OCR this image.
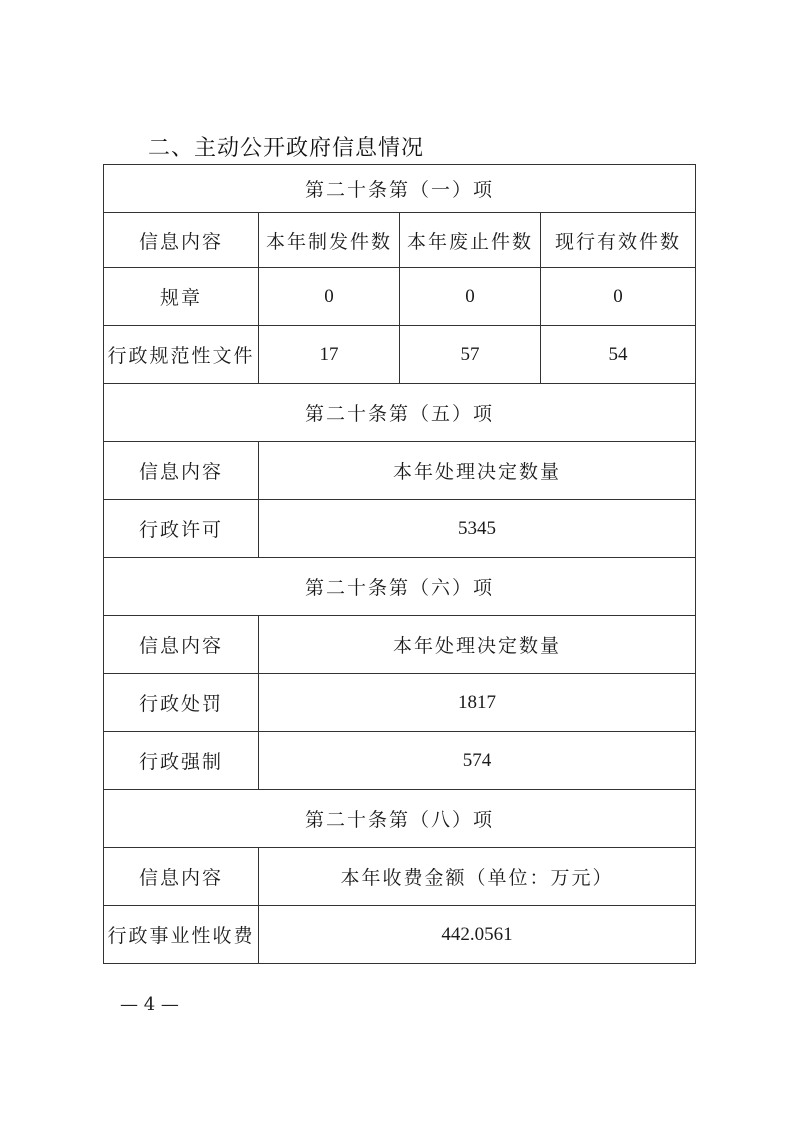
二、主动公开政府信息情况
第二十条第（一）项			
信息内容	本年制发件数	本年废止件数	现行有效件数
规章	0	0	0
行政规范性文件	17	57	54
第二十条第（五）项			
信息内容	本年处理决定数量		
行政许可	5345		
第二十条第（六）项			
信息内容	本年处理决定数量		
行政处罚	1817		
行政强制	574		
第二十条第（八）项			
信息内容	本年收费金额（单位：万元）		
行政事业性收费	442.0561		
— 4 —
